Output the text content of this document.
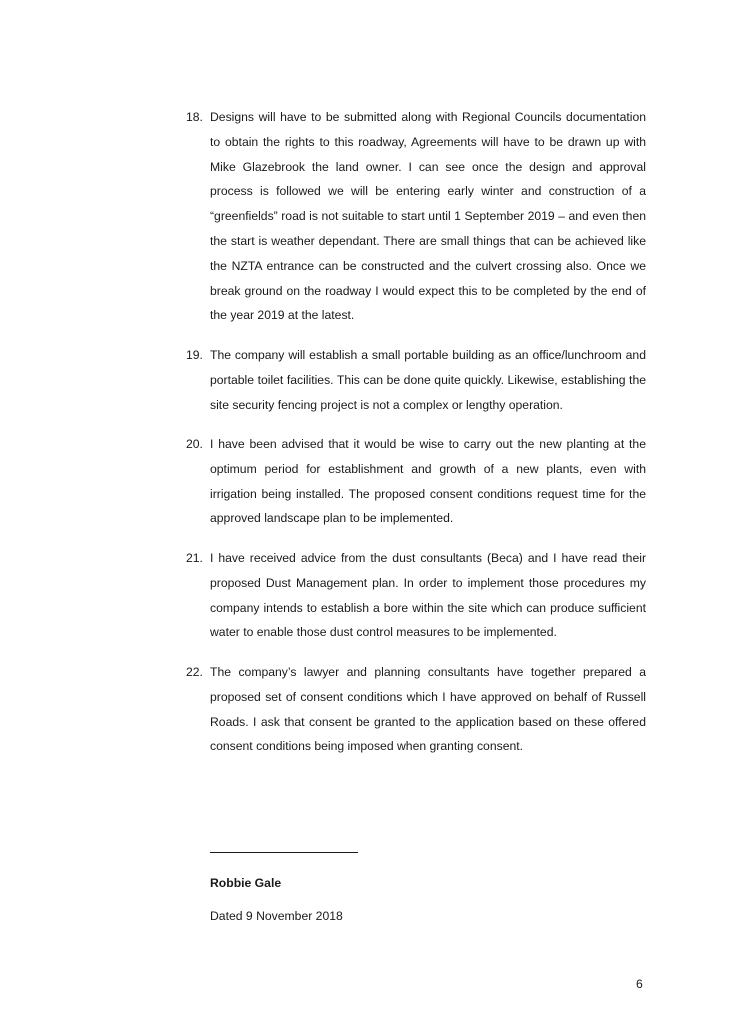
18. Designs will have to be submitted along with Regional Councils documentation to obtain the rights to this roadway, Agreements will have to be drawn up with Mike Glazebrook the land owner. I can see once the design and approval process is followed we will be entering early winter and construction of a “greenfields” road is not suitable to start until 1 September 2019 – and even then the start is weather dependant. There are small things that can be achieved like the NZTA entrance can be constructed and the culvert crossing also. Once we break ground on the roadway I would expect this to be completed by the end of the year 2019 at the latest.
19. The company will establish a small portable building as an office/lunchroom and portable toilet facilities. This can be done quite quickly. Likewise, establishing the site security fencing project is not a complex or lengthy operation.
20. I have been advised that it would be wise to carry out the new planting at the optimum period for establishment and growth of a new plants, even with irrigation being installed. The proposed consent conditions request time for the approved landscape plan to be implemented.
21. I have received advice from the dust consultants (Beca) and I have read their proposed Dust Management plan. In order to implement those procedures my company intends to establish a bore within the site which can produce sufficient water to enable those dust control measures to be implemented.
22. The company’s lawyer and planning consultants have together prepared a proposed set of consent conditions which I have approved on behalf of Russell Roads. I ask that consent be granted to the application based on these offered consent conditions being imposed when granting consent.
Robbie Gale
Dated 9 November 2018
6
